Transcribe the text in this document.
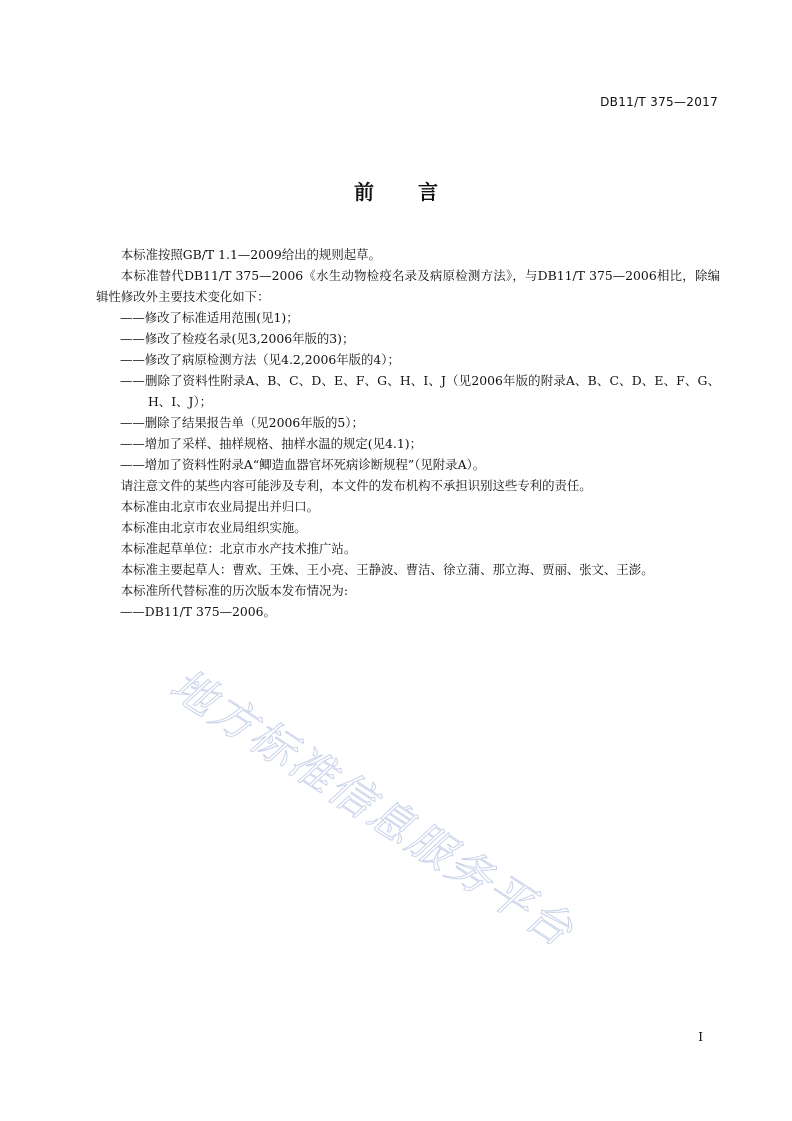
DB11/T 375—2017
前 言

本标准按照GB/T 1.1—2009给出的规则起草。

本标准替代DB11/T 375—2006《水生动物检疫名录及病原检测方法》，与DB11/T 375—2006相比，除编辑性修改外主要技术变化如下：

——修改了标准适用范围(见1)；

——修改了检疫名录(见3,2006年版的3)；

——修改了病原检测方法（见4.2,2006年版的4）；

——删除了资料性附录A、B、C、D、E、F、G、H、I、J（见2006年版的附录A、B、C、D、E、F、G、H、I、J）；

——删除了结果报告单（见2006年版的5）；

——增加了采样、抽样规格、抽样水温的规定(见4.1)；

——增加了资料性附录A“鲫造血器官坏死病诊断规程”（见附录A）。

请注意文件的某些内容可能涉及专利，本文件的发布机构不承担识别这些专利的责任。

本标准由北京市农业局提出并归口。

本标准由北京市农业局组织实施。

本标准起草单位：北京市水产技术推广站。

本标准主要起草人：曹欢、王姝、王小亮、王静波、曹洁、徐立蒲、那立海、贾丽、张文、王澎。

本标准所代替标准的历次版本发布情况为:

——DB11/T 375—2006。

地方标准信息服务平台
I
